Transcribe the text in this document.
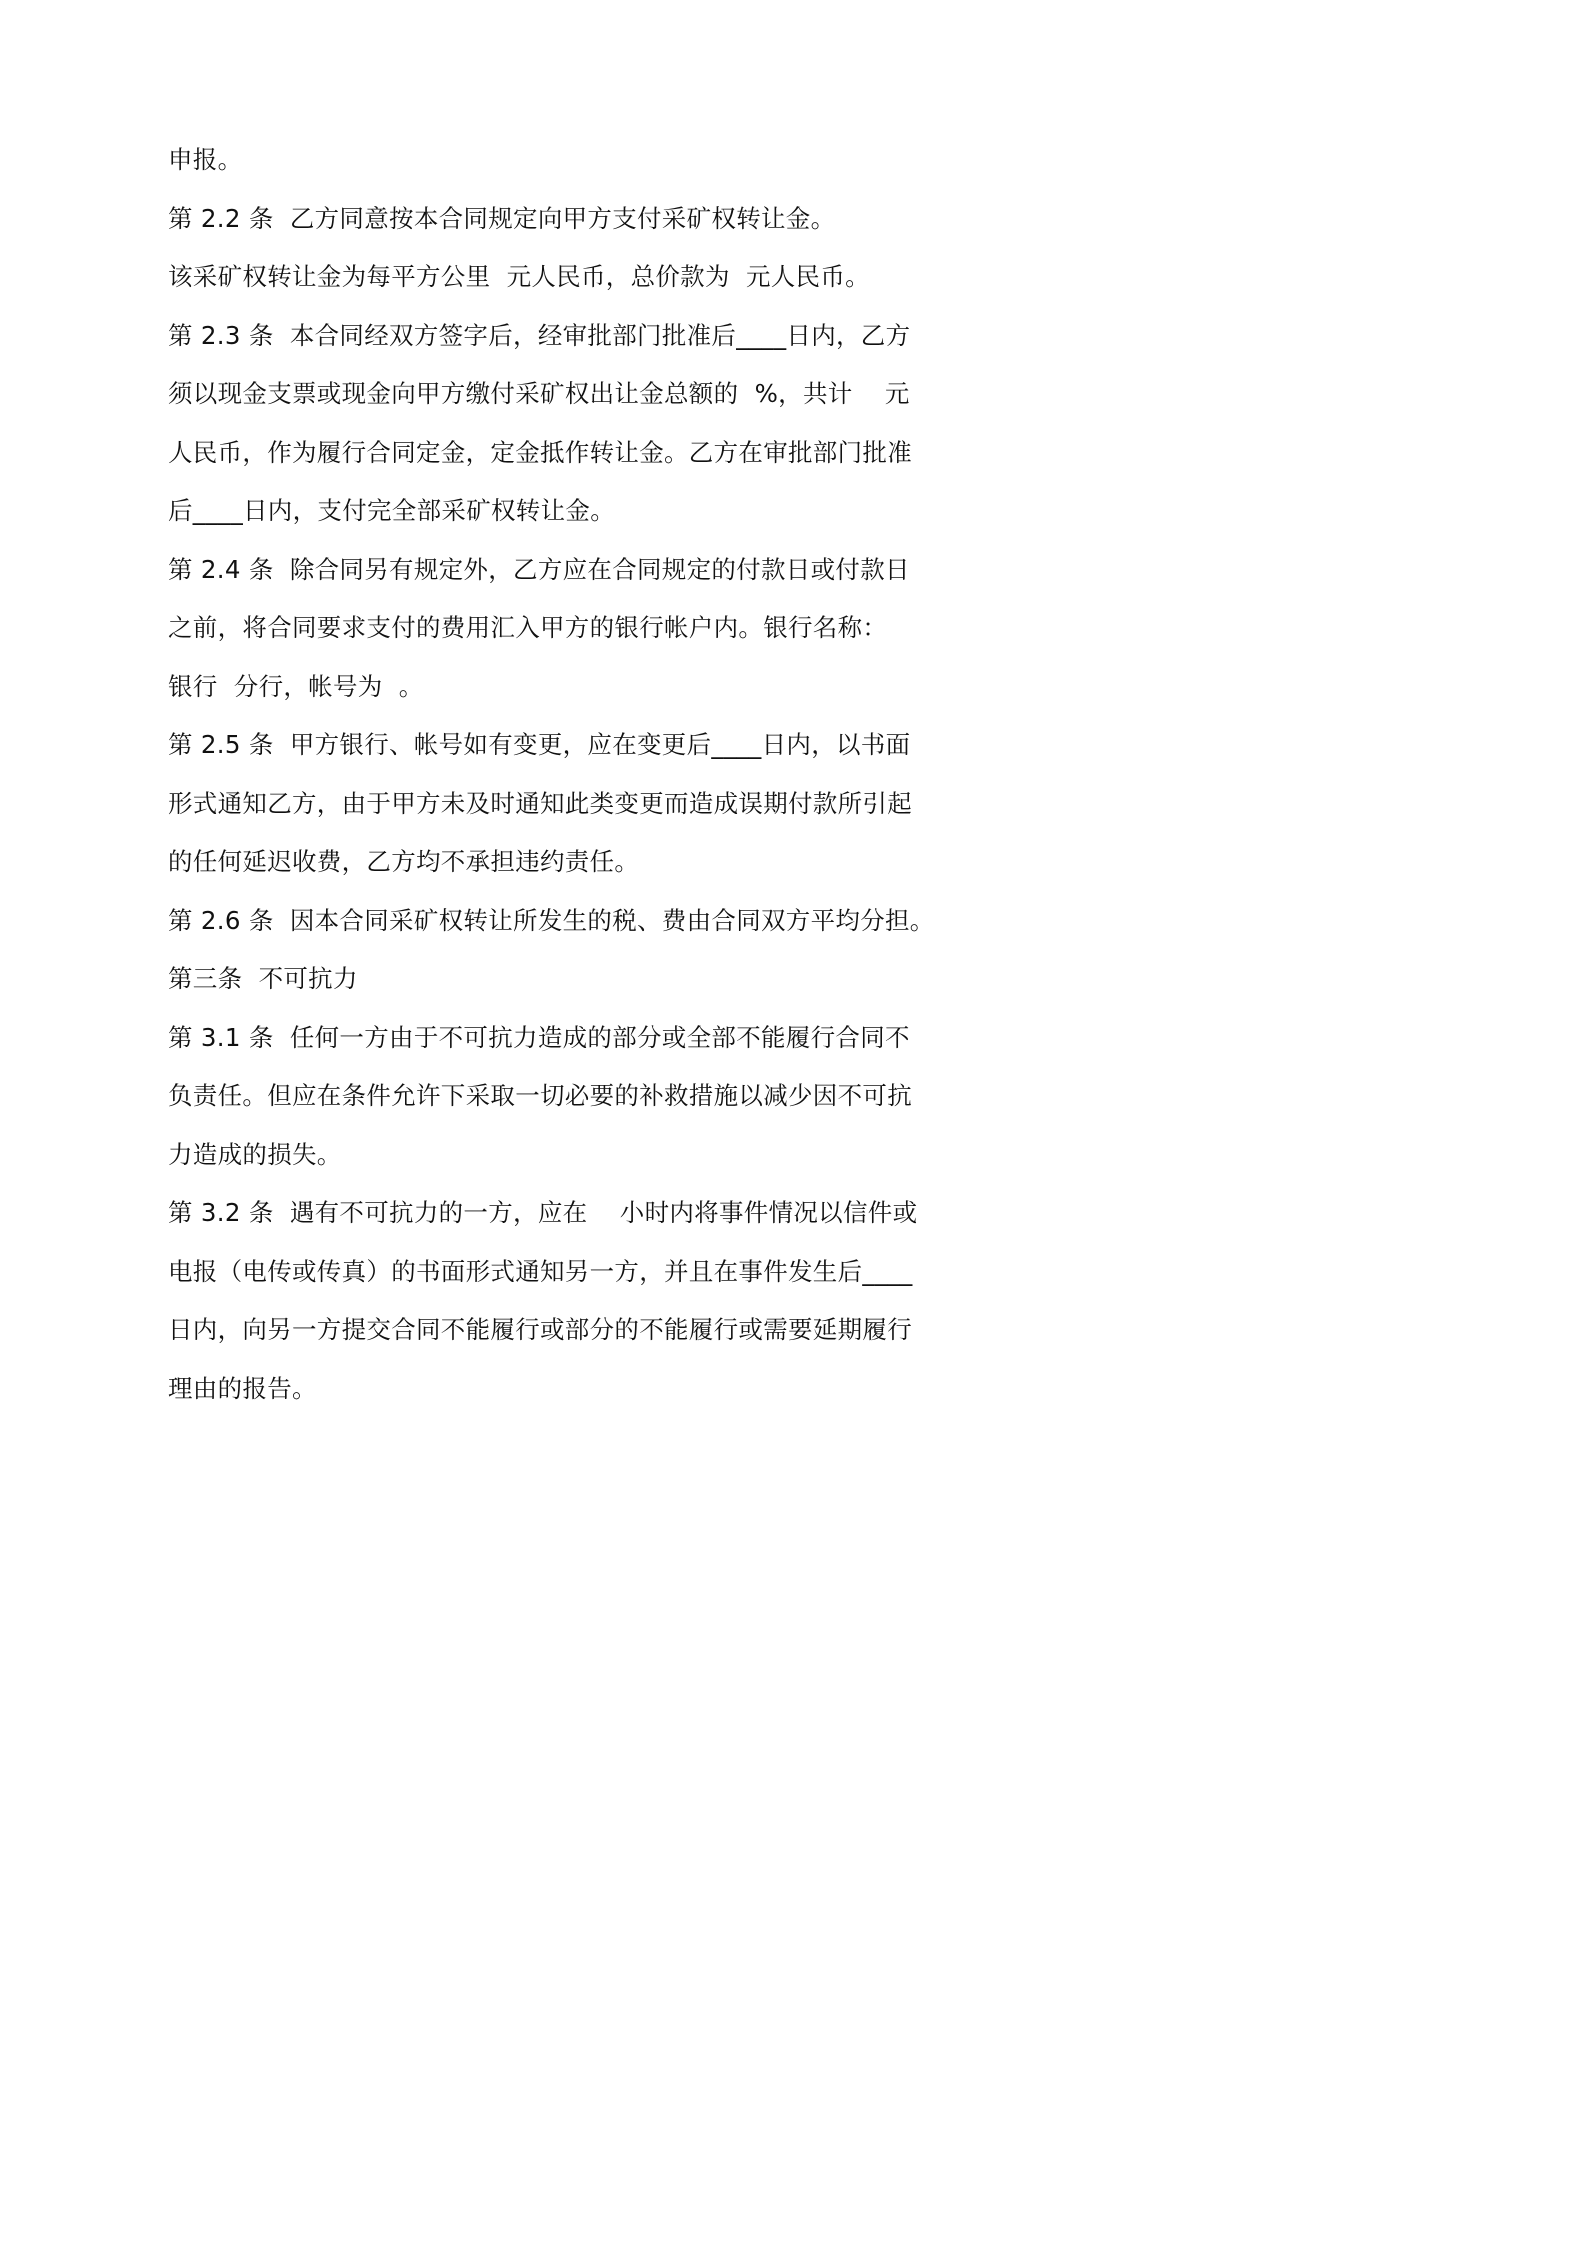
申报。
第 2.2 条  乙方同意按本合同规定向甲方支付采矿权转让金。
该采矿权转让金为每平方公里  元人民币，总价款为  元人民币。
第 2.3 条  本合同经双方签字后，经审批部门批准后____日内，乙方
须以现金支票或现金向甲方缴付采矿权出让金总额的  %，共计    元
人民币，作为履行合同定金，定金抵作转让金。乙方在审批部门批准
后____日内，支付完全部采矿权转让金。
第 2.4 条  除合同另有规定外，乙方应在合同规定的付款日或付款日
之前，将合同要求支付的费用汇入甲方的银行帐户内。银行名称：
银行  分行，帐号为  。
第 2.5 条  甲方银行、帐号如有变更，应在变更后____日内，以书面
形式通知乙方，由于甲方未及时通知此类变更而造成误期付款所引起
的任何延迟收费，乙方均不承担违约责任。
第 2.6 条  因本合同采矿权转让所发生的税、费由合同双方平均分担。
第三条  不可抗力
第 3.1 条  任何一方由于不可抗力造成的部分或全部不能履行合同不
负责任。但应在条件允许下采取一切必要的补救措施以减少因不可抗
力造成的损失。
第 3.2 条  遇有不可抗力的一方，应在    小时内将事件情况以信件或
电报（电传或传真）的书面形式通知另一方，并且在事件发生后____
日内，向另一方提交合同不能履行或部分的不能履行或需要延期履行
理由的报告。
